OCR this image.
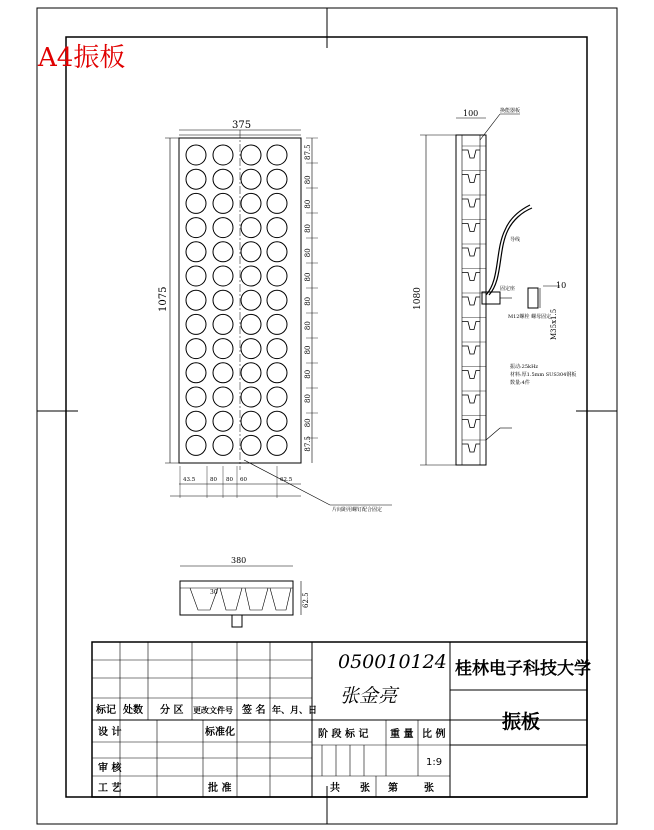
A4振板
375
1075
87.5
80
80
80
80
80
80
80
80
80
80
80
87.5
43.5	80 80 60	62.5
片间距用螺钉配合固定
100	换能器板
1080
导线
固定座
M12螺栓 螺母固定
10
M35x1.5
振动:25kHz
材料:厚1.5mm SUS304钢板
数量:4件
380
62.5
30
标记 处数 分 区 更改文件号 签 名 年、月、日
设 计	标准化
审 核
工 艺	批 准
阶 段 标 记 重 量 比 例
1:9
共 张 第	张
050010124
张金亮
桂林电子科技大学
振板
